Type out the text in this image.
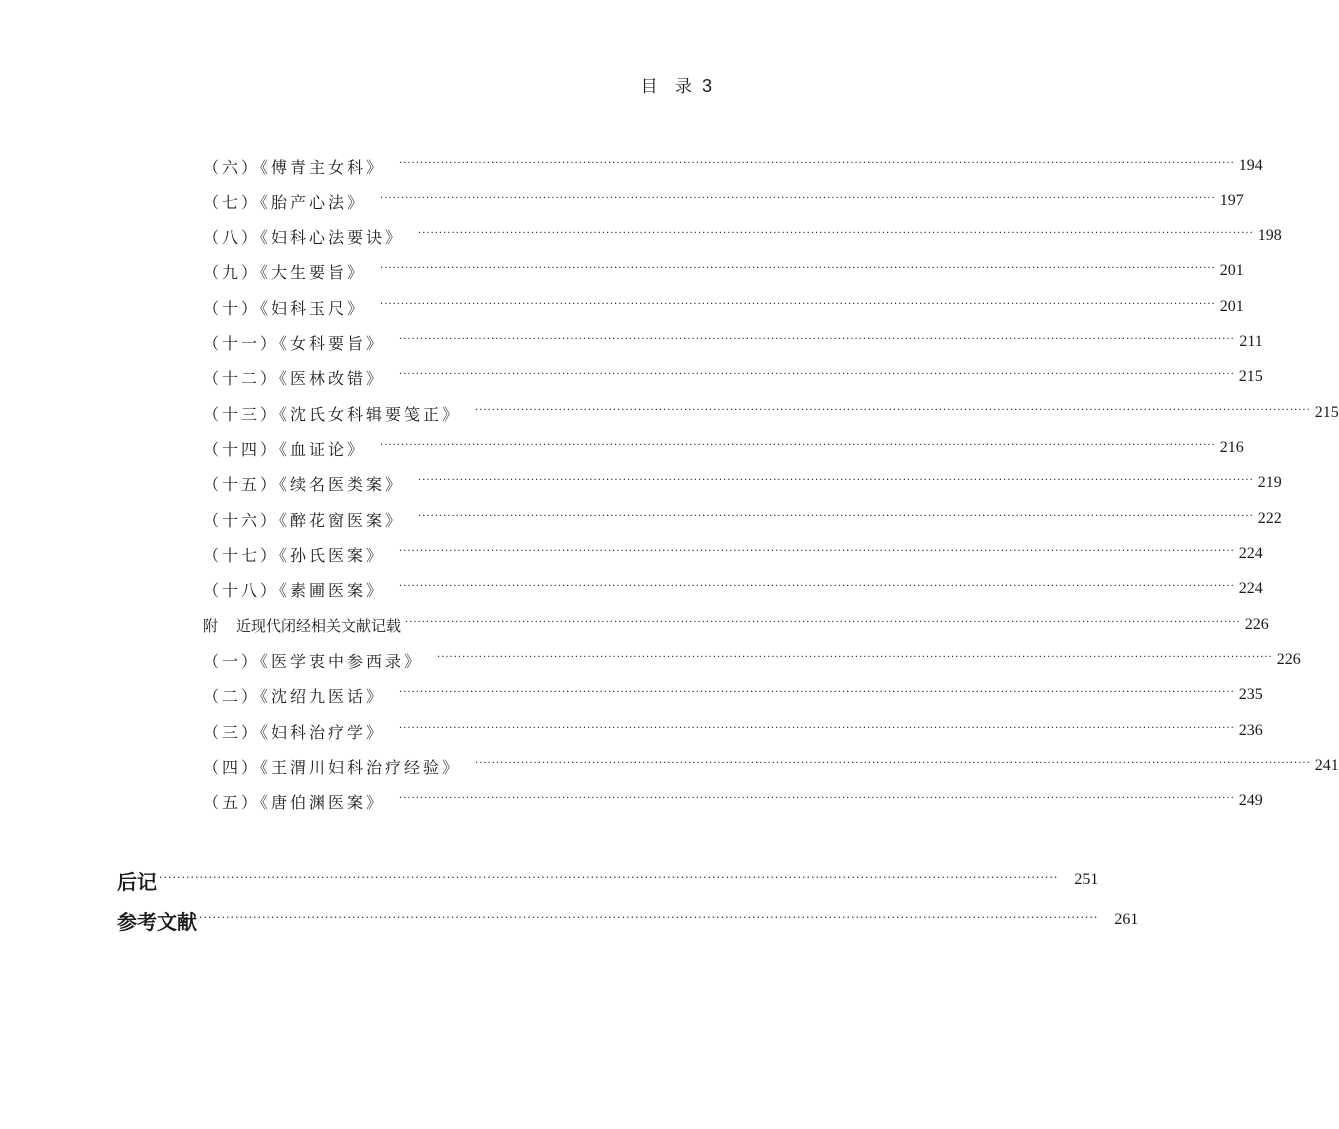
目 录 3
（六）《傅青主女科》 ········································································································································································································ 194
（七）《胎产心法》 ········································································································································································································ 197
（八）《妇科心法要诀》 ········································································································································································································ 198
（九）《大生要旨》 ········································································································································································································ 201
（十）《妇科玉尺》 ········································································································································································································ 201
（十一）《女科要旨》 ········································································································································································································ 211
（十二）《医林改错》 ········································································································································································································ 215
（十三）《沈氏女科辑要笺正》 ········································································································································································································ 215
（十四）《血证论》 ········································································································································································································ 216
（十五）《续名医类案》 ········································································································································································································ 219
（十六）《醉花窗医案》 ········································································································································································································ 222
（十七）《孙氏医案》 ········································································································································································································ 224
（十八）《素圃医案》 ········································································································································································································ 224
附 近现代闭经相关文献记载 ········································································································································································································ 226
（一）《医学衷中参西录》 ········································································································································································································ 226
（二）《沈绍九医话》 ········································································································································································································ 235
（三）《妇科治疗学》 ········································································································································································································ 236
（四）《王渭川妇科治疗经验》 ········································································································································································································ 241
（五）《唐伯渊医案》 ········································································································································································································ 249
后记 ········································································································································································································ 251
参考文献 ········································································································································································································ 261
